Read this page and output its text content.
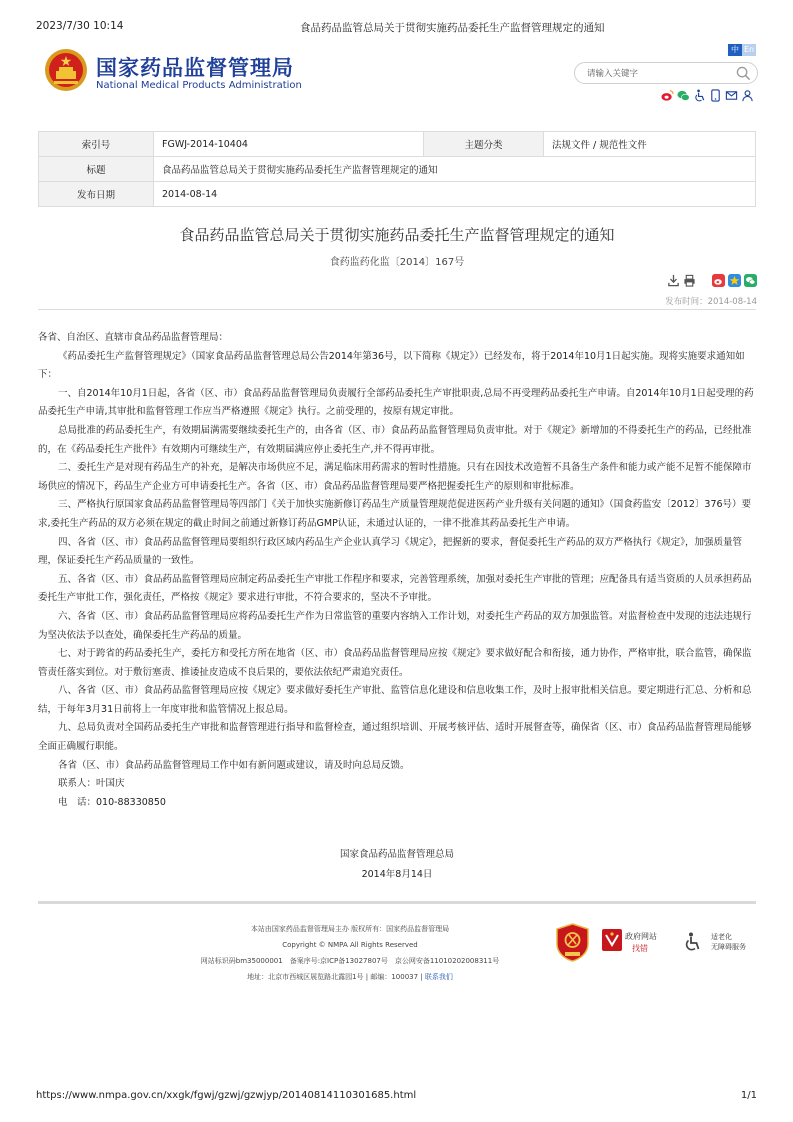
2023/7/30 10:14	食品药品监管总局关于贯彻实施药品委托生产监督管理规定的通知
国家药品监督管理局
National Medical Products Administration
中 En
请输入关键字
索引号	FGWJ-2014-10404	主题分类	法规文件 / 规范性文件
标题	食品药品监管总局关于贯彻实施药品委托生产监督管理规定的通知		
发布日期	2014-08-14		
食品药品监管总局关于贯彻实施药品委托生产监督管理规定的通知
食药监药化监〔2014〕167号
发布时间：2014-08-14

各省、自治区、直辖市食品药品监督管理局：

《药品委托生产监督管理规定》（国家食品药品监督管理总局公告2014年第36号，以下简称《规定》）已经发布，将于2014年10月1日起实施。现将实施要求通知如下：

一、自2014年10月1日起，各省（区、市）食品药品监督管理局负责履行全部药品委托生产审批职责,总局不再受理药品委托生产申请。自2014年10月1日起受理的药品委托生产申请,其审批和监督管理工作应当严格遵照《规定》执行。之前受理的，按原有规定审批。

总局批准的药品委托生产，有效期届满需要继续委托生产的，由各省（区、市）食品药品监督管理局负责审批。对于《规定》新增加的不得委托生产的药品，已经批准的，在《药品委托生产批件》有效期内可继续生产，有效期届满应停止委托生产,并不得再审批。

二、委托生产是对现有药品生产的补充，是解决市场供应不足，满足临床用药需求的暂时性措施。只有在因技术改造暂不具备生产条件和能力或产能不足暂不能保障市场供应的情况下，药品生产企业方可申请委托生产。各省（区、市）食品药品监督管理局要严格把握委托生产的原则和审批标准。

三、严格执行原国家食品药品监督管理局等四部门《关于加快实施新修订药品生产质量管理规范促进医药产业升级有关问题的通知》（国食药监安〔2012〕376号）要求,委托生产药品的双方必须在规定的截止时间之前通过新修订药品GMP认证，未通过认证的，一律不批准其药品委托生产申请。

四、各省（区、市）食品药品监督管理局要组织行政区域内药品生产企业认真学习《规定》，把握新的要求，督促委托生产药品的双方严格执行《规定》，加强质量管理，保证委托生产药品质量的一致性。

五、各省（区、市）食品药品监督管理局应制定药品委托生产审批工作程序和要求，完善管理系统，加强对委托生产审批的管理；应配备具有适当资质的人员承担药品委托生产审批工作，强化责任，严格按《规定》要求进行审批，不符合要求的，坚决不予审批。

六、各省（区、市）食品药品监督管理局应将药品委托生产作为日常监管的重要内容纳入工作计划，对委托生产药品的双方加强监管。对监督检查中发现的违法违规行为坚决依法予以查处，确保委托生产药品的质量。

七、对于跨省的药品委托生产，委托方和受托方所在地省（区、市）食品药品监督管理局应按《规定》要求做好配合和衔接，通力协作，严格审批，联合监管，确保监管责任落实到位。对于敷衍塞责、推诿扯皮造成不良后果的，要依法依纪严肃追究责任。

八、各省（区、市）食品药品监督管理局应按《规定》要求做好委托生产审批、监管信息化建设和信息收集工作，及时上报审批相关信息。要定期进行汇总、分析和总结，于每年3月31日前将上一年度审批和监管情况上报总局。

九、总局负责对全国药品委托生产审批和监督管理进行指导和监督检查，通过组织培训、开展考核评估、适时开展督查等，确保省（区、市）食品药品监督管理局能够全面正确履行职能。

各省（区、市）食品药品监督管理局工作中如有新问题或建议，请及时向总局反馈。

联系人：叶国庆

电　话：010-88330850

国家食品药品监督管理总局
2014年8月14日
本站由国家药品监督管理局主办 版权所有：国家药品监督管理局
Copyright © NMPA All Rights Reserved
网站标识码bm35000001　备案序号:京ICP备13027807号　京公网安备11010202008311号
地址：北京市西城区展览路北露园1号 | 邮编：100037 | 联系我们
政府网站
找错
适老化
无障碍服务
https://www.nmpa.gov.cn/xxgk/fgwj/gzwj/gzwjyp/20140814110301685.html	1/1
